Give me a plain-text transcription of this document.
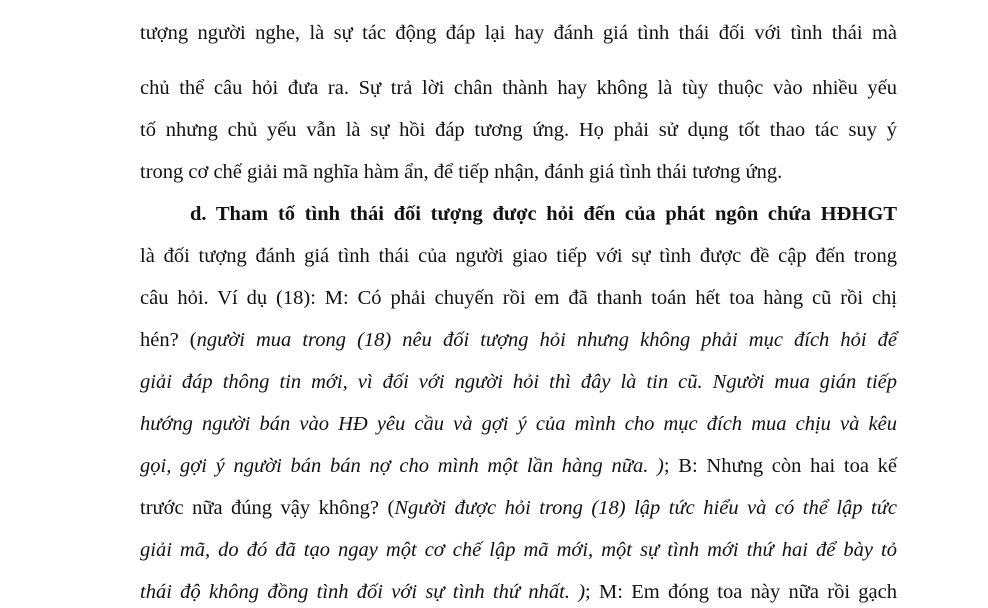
tượng người nghe, là sự tác động đáp lại hay đánh giá tình thái đối với tình thái mà
chủ thể câu hỏi đưa ra. Sự trả lời chân thành hay không là tùy thuộc vào nhiều yếu
tố nhưng chủ yếu vẫn là sự hồi đáp tương ứng. Họ phải sử dụng tốt thao tác suy ý
trong cơ chế giải mã nghĩa hàm ẩn, để tiếp nhận, đánh giá tình thái tương ứng.
d. Tham tố tình thái đối tượng được hỏi đến của phát ngôn chứa HĐHGT
là đối tượng đánh giá tình thái của người giao tiếp với sự tình được đề cập đến trong
câu hỏi. Ví dụ (18): M: Có phải chuyến rồi em đã thanh toán hết toa hàng cũ rồi chị
hén? (người mua trong (18) nêu đối tượng hỏi nhưng không phải mục đích hỏi để
giải đáp thông tin mới, vì đối với người hỏi thì đây là tin cũ. Người mua gián tiếp
hướng người bán vào HĐ yêu cầu và gợi ý của mình cho mục đích mua chịu và kêu
gọi, gợi ý người bán bán nợ cho mình một lần hàng nữa. ); B: Nhưng còn hai toa kế
trước nữa đúng vậy không? (Người được hỏi trong (18) lập tức hiểu và có thể lập tức
giải mã, do đó đã tạo ngay một cơ chế lập mã mới, một sự tình mới thứ hai để bày tỏ
thái độ không đồng tình đối với sự tình thứ nhất. ); M: Em đóng toa này nữa rồi gạch
